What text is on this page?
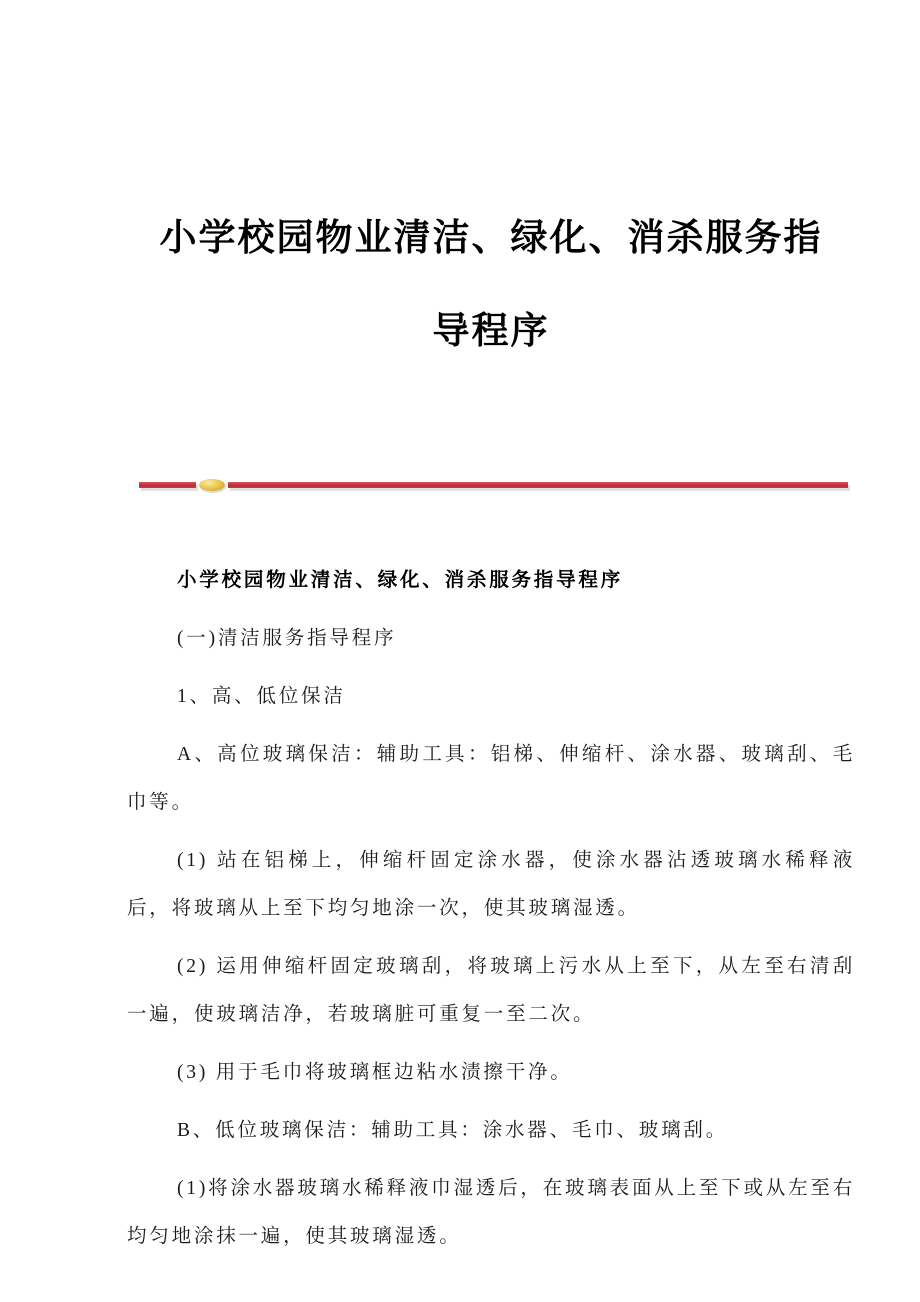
小学校园物业清洁、绿化、消杀服务指
导程序

小学校园物业清洁、绿化、消杀服务指导程序

(一)清洁服务指导程序

1、高、低位保洁

A、高位玻璃保洁：辅助工具：铝梯、伸缩杆、涂水器、玻璃刮、毛巾等。

(1) 站在铝梯上，伸缩杆固定涂水器，使涂水器沾透玻璃水稀释液后，将玻璃从上至下均匀地涂一次，使其玻璃湿透。

(2) 运用伸缩杆固定玻璃刮，将玻璃上污水从上至下，从左至右清刮一遍，使玻璃洁净，若玻璃脏可重复一至二次。

(3) 用于毛巾将玻璃框边粘水渍擦干净。

B、低位玻璃保洁：辅助工具：涂水器、毛巾、玻璃刮。

(1)将涂水器玻璃水稀释液巾湿透后，在玻璃表面从上至下或从左至右均匀地涂抹一遍，使其玻璃湿透。
